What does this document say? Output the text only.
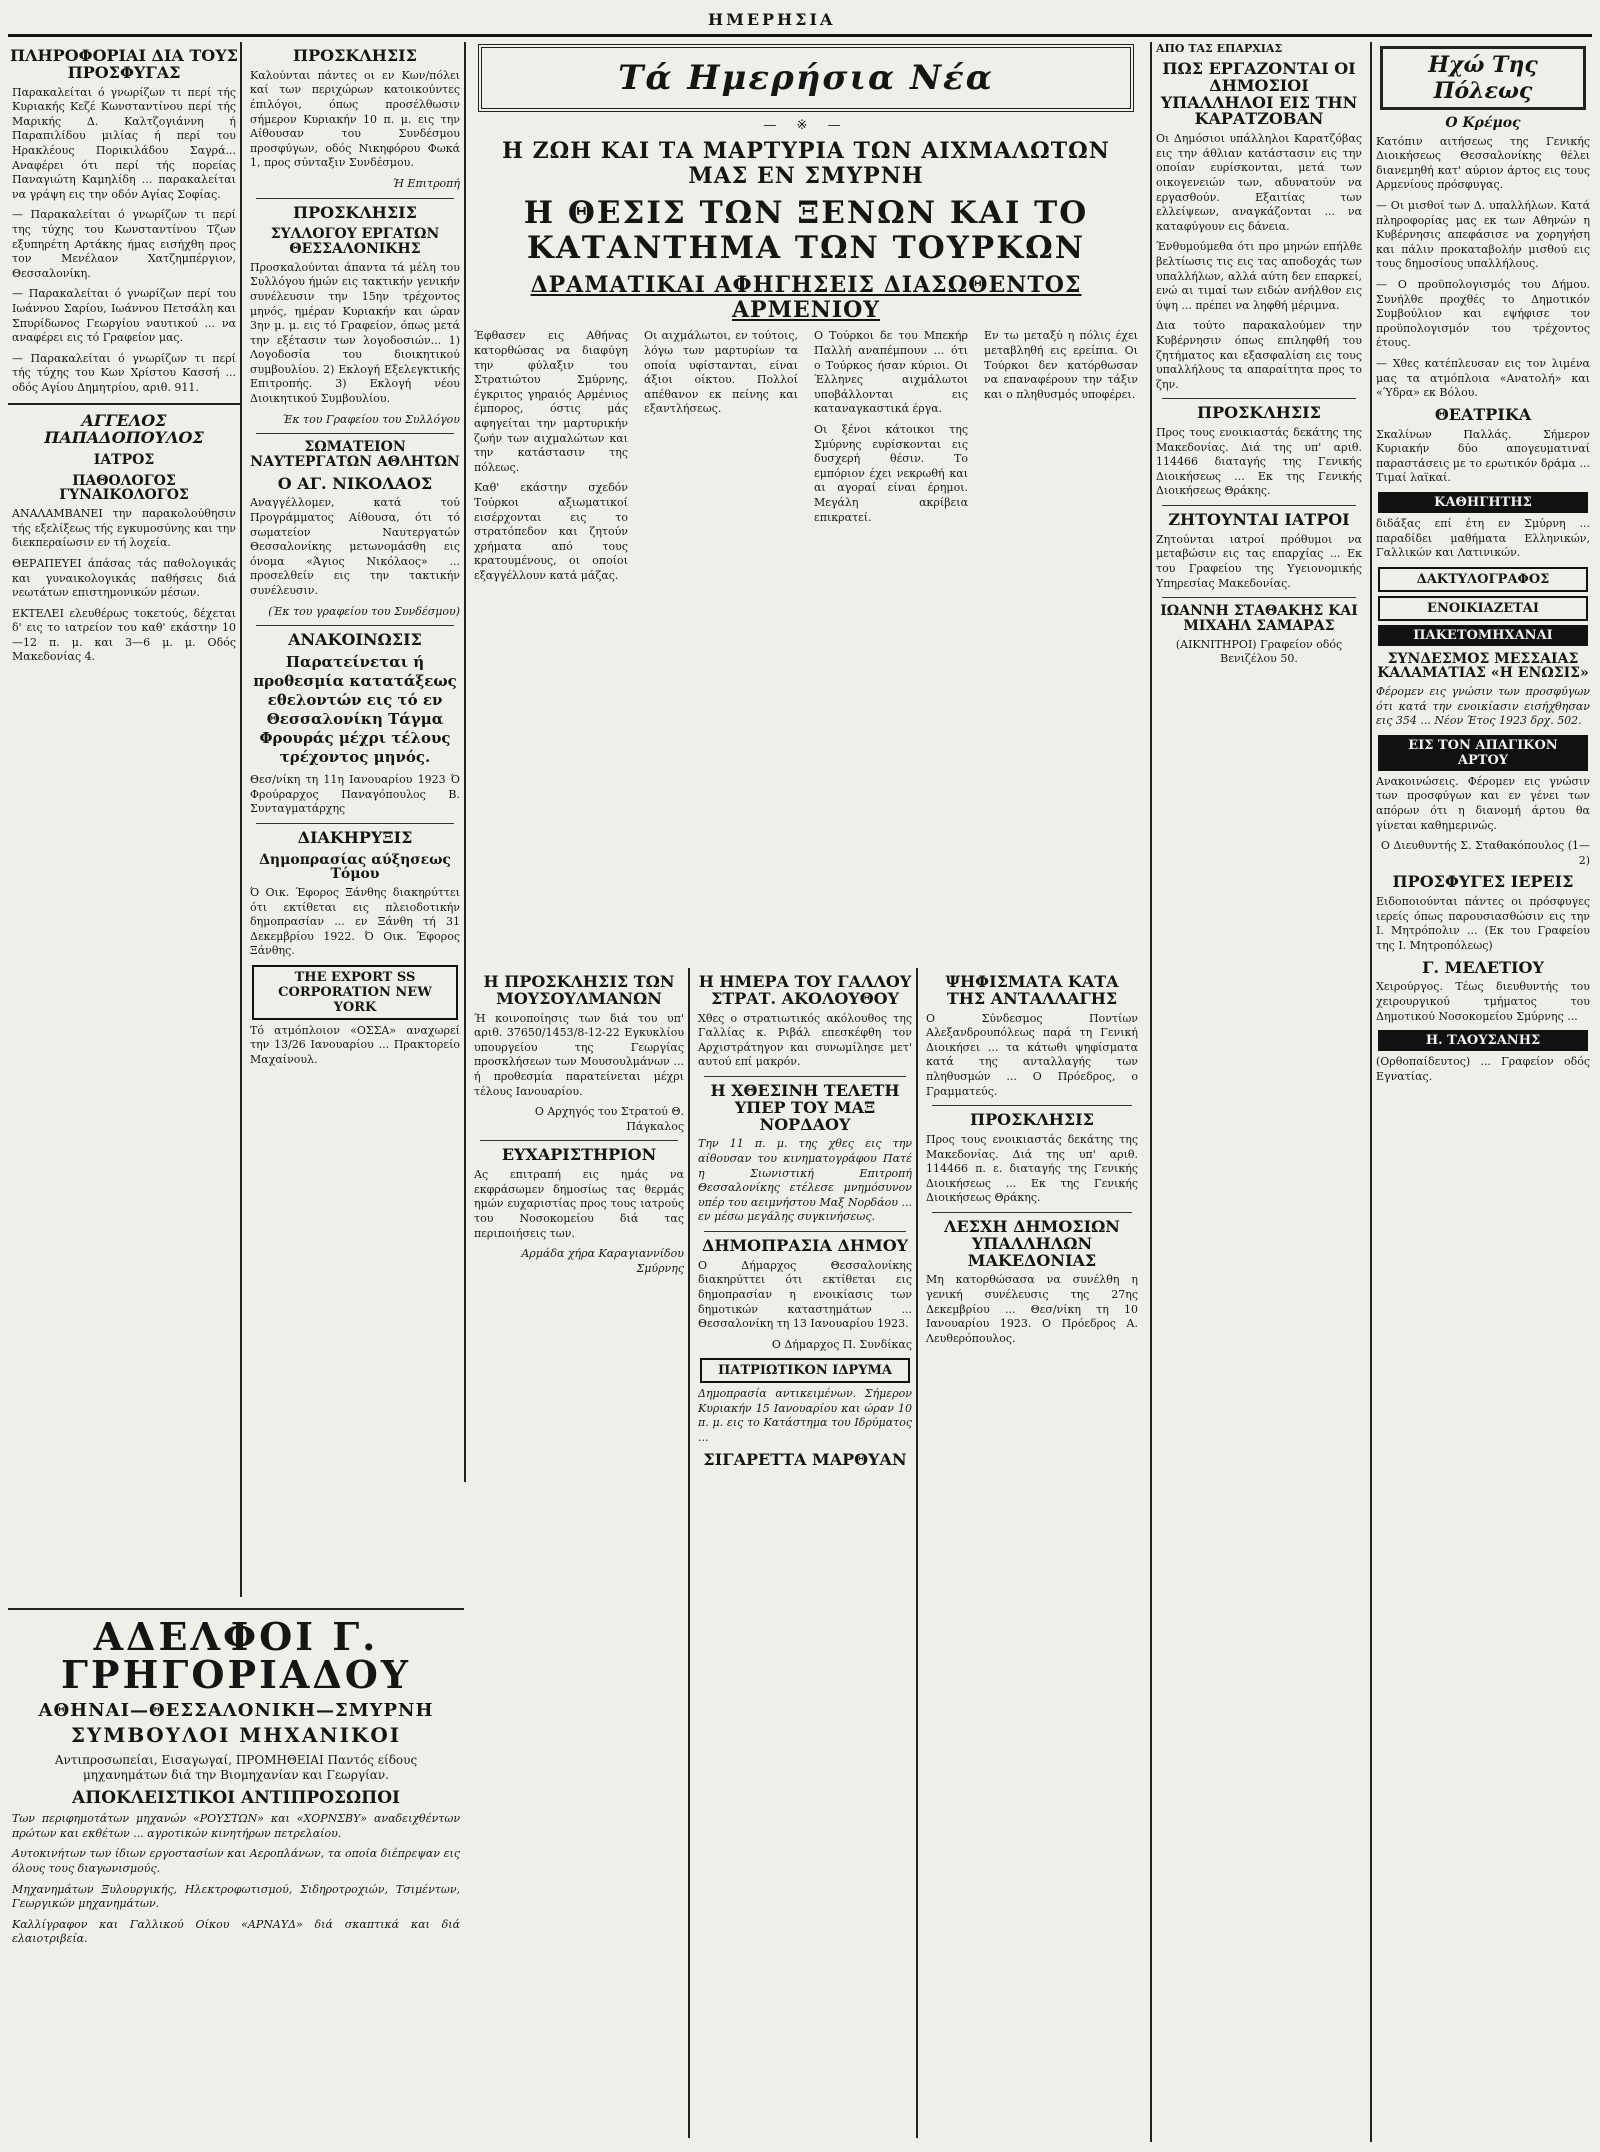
ΗΜΕΡΗΣΙΑ
ΠΛΗΡΟΦΟΡΙΑΙ ΔΙΑ ΤΟΥΣ ΠΡΟΣΦΥΓΑΣ

Παρακαλείται ό γνωρίζων τι περί τής Κυριακής Κεζέ Κωνσταντίνου περί τής Μαρικής Δ. Καλτζογιάννη ή Παραπιλίδου μιλίας ή περί του Ηρακλέους Πορικιλάδου Σαγρά... Αναφέρει ότι περί τής πορείας Παναγιώτη Καμηλίδη ... παρακαλείται να γράψη εις την οδόν Αγίας Σοφίας.

— Παρακαλείται ό γνωρίζων τι περί της τύχης του Κωνσταντίνου Τζων εξυπηρέτη Αρτάκης ήμας εισήχθη προς τον Μενέλαον Χατζημπέργιον, Θεσσαλονίκη.

— Παρακαλείται ό γνωρίζων περί του Ιωάννου Σαρίου, Ιωάννου Πετσάλη και Σπυρίδωνος Γεωργίου ναυτικού ... να αναφέρει εις τό Γραφείον μας.

— Παρακαλείται ό γνωρίζων τι περί τής τύχης του Κων Χρίστου Κασσή ... οδός Αγίου Δημητρίου, αριθ. 911.

ΑΓΓΕΛΟΣ ΠΑΠΑΔΟΠΟΥΛΟΣ
ΙΑΤΡΟΣ
ΠΑΘΟΛΟΓΟΣ ΓΥΝΑΙΚΟΛΟΓΟΣ

ΑΝΑΛΑΜΒΑΝΕΙ την παρακολούθησιν τής εξελίξεως τής εγκυμοσύνης και την διεκπεραίωσιν εν τή λοχεία.

ΘΕΡΑΠΕΥΕΙ άπάσας τάς παθολογικάς και γυναικολογικάς παθήσεις διά νεωτάτων επιστημονικών μέσων.

ΕΚΤΕΛΕΙ ελευθέρως τοκετούς, δέχεται δ' εις το ιατρείον του καθ' εκάστην 10—12 π. μ. και 3—6 μ. μ. Οδός Μακεδονίας 4.

ΠΡΟΣΚΛΗΣΙΣ

Καλούνται πάντες οι εν Κων/πόλει καί των περιχώρων κατοικούντες έπιλόγοι, όπως προσέλθωσιν σήμερον Κυριακήν 10 π. μ. εις την Αίθουσαν του Συνδέσμου προσφύγων, οδός Νικηφόρου Φωκά 1, προς σύνταξιν Συνδέσμου.

Ή Επιτροπή

ΠΡΟΣΚΛΗΣΙΣ
ΣΥΛΛΟΓΟΥ ΕΡΓΑΤΩΝ ΘΕΣΣΑΛΟΝΙΚΗΣ

Προσκαλούνται άπαντα τά μέλη του Συλλόγου ήμών εις τακτικήν γενικήν συνέλευσιν την 15ην τρέχοντος μηνός, ημέραν Κυριακήν και ώραν 3ην μ. μ. εις τό Γραφείον, όπως μετά την εξέτασιν των λογοδοσιών... 1) Λογοδοσία του διοικητικού συμβουλίου. 2) Εκλογή Εξελεγκτικής Επιτροπής. 3) Εκλογή νέου Διοικητικού Συμβουλίου.

Έκ του Γραφείου του Συλλόγου

ΣΩΜΑΤΕΙΟΝ ΝΑΥΤΕΡΓΑΤΩΝ ΑΘΛΗΤΩΝ
Ο ΑΓ. ΝΙΚΟΛΑΟΣ

Αναγγέλλομεν, κατά τού Προγράμματος Αίθουσα, ότι τό σωματείον Ναυτεργατών Θεσσαλονίκης μετωνομάσθη εις όνομα «Άγιος Νικόλαος» ... προσελθείν εις την τακτικήν συνέλευσιν.

(Έκ του γραφείου του Συνδέσμου)

ΑΝΑΚΟΙΝΩΣΙΣ

Παρατείνεται ή προθεσμία κατατάξεως εθελοντών εις τό εν Θεσσαλονίκη Τάγμα Φρουράς μέχρι τέλους τρέχοντος μηνός.

Θεσ/νίκη τη 11η Ιανουαρίου 1923 Ό Φρούραρχος Παναγόπουλος Β. Συνταγματάρχης

ΔΙΑΚΗΡΥΞΙΣ
Δημοπρασίας αύξησεως Τόμου

Ό Οικ. Έφορος Ξάνθης διακηρύττει ότι εκτίθεται εις πλειοδοτικήν δημοπρασίαν ... εν Ξάνθη τή 31 Δεκεμβρίου 1922. Ό Οικ. Έφορος Ξάνθης.

THE EXPORT SS CORPORATION NEW YORK

Τό ατμόπλοιον «ΟΣΣΑ» αναχωρεί την 13/26 Ιανουαρίου ... Πρακτορείο Μαχαίνουλ.

Τά Ημερήσια Νέα
— ※ —
Η ΖΩΗ ΚΑΙ ΤΑ ΜΑΡΤΥΡΙΑ ΤΩΝ ΑΙΧΜΑΛΩΤΩΝ ΜΑΣ ΕΝ ΣΜΥΡΝΗ
Η ΘΕΣΙΣ ΤΩΝ ΞΕΝΩΝ ΚΑΙ ΤΟ ΚΑΤΑΝΤΗΜΑ ΤΩΝ ΤΟΥΡΚΩΝ
ΔΡΑΜΑΤΙΚΑΙ ΑΦΗΓΗΣΕΙΣ ΔΙΑΣΩΘΕΝΤΟΣ ΑΡΜΕΝΙΟΥ

Έφθασεν εις Αθήνας κατορθώσας να διαφύγη την φύλαξιν του Στρατιώτου Σμύρνης, έγκριτος γηραιός Αρμένιος έμπορος, όστις μάς αφηγείται την μαρτυρικήν ζωήν των αιχμαλώτων και την κατάστασιν της πόλεως.

Καθ' εκάστην σχεδόν Τούρκοι αξιωματικοί εισέρχονται εις το στρατόπεδον και ζητούν χρήματα από τους κρατουμένους, οι οποίοι εξαγγέλλουν κατά μάζας.

Οι αιχμάλωτοι, εν τούτοις, λόγω των μαρτυρίων τα οποία υφίστανται, είναι άξιοι οίκτου. Πολλοί απέθανον εκ πείνης και εξαντλήσεως.

Ο Τούρκοι δε του Μπεκήρ Παλλή αναπέμπουν ... ότι ο Τούρκος ήσαν κύριοι. Οι Έλληνες αιχμάλωτοι υποβάλλονται εις καταναγκαστικά έργα.

Οι ξένοι κάτοικοι της Σμύρνης ευρίσκονται εις δυσχερή θέσιν. Το εμπόριον έχει νεκρωθή και αι αγοραί είναι έρημοι. Μεγάλη ακρίβεια επικρατεί.

Εν τω μεταξύ η πόλις έχει μεταβληθή εις ερείπια. Οι Τούρκοι δεν κατόρθωσαν να επαναφέρουν την τάξιν και ο πληθυσμός υποφέρει.

Η ΠΡΟΣΚΛΗΣΙΣ ΤΩΝ ΜΟΥΣΟΥΛΜΑΝΩΝ

Ή κοινοποίησις των διά του υπ' αριθ. 37650/1453/8-12-22 Εγκυκλίου υπουργείου της Γεωργίας προσκλήσεων των Μουσουλμάνων ... ή προθεσμία παρατείνεται μέχρι τέλους Ιανουαρίου.

Ο Αρχηγός του Στρατού Θ. Πάγκαλος

ΕΥΧΑΡΙΣΤΗΡΙΟΝ

Ας επιτραπή εις ημάς να εκφράσωμεν δημοσίως τας θερμάς ημών ευχαριστίας προς τους ιατρούς του Νοσοκομείου διά τας περιποιήσεις των.

Αρμάδα χήρα Καραγιαννίδου Σμύρνης

Η ΗΜΕΡΑ ΤΟΥ ΓΑΛΛΟΥ ΣΤΡΑΤ. ΑΚΟΛΟΥΘΟΥ

Χθες ο στρατιωτικός ακόλουθος της Γαλλίας κ. Ριβάλ επεσκέφθη τον Αρχιστράτηγον και συνωμίλησε μετ' αυτού επί μακρόν.

Η ΧΘΕΣΙΝΗ ΤΕΛΕΤΗ ΥΠΕΡ ΤΟΥ ΜΑΞ ΝΟΡΔΑΟΥ

Την 11 π. μ. της χθες εις την αίθουσαν του κινηματογράφου Πατέ η Σιωνιστική Επιτροπή Θεσσαλονίκης ετέλεσε μνημόσυνον υπέρ του αειμνήστου Μαξ Νορδάου ... εν μέσω μεγάλης συγκινήσεως.

ΔΗΜΟΠΡΑΣΙΑ ΔΗΜΟΥ

Ο Δήμαρχος Θεσσαλονίκης διακηρύττει ότι εκτίθεται εις δημοπρασίαν η ενοικίασις των δημοτικών καταστημάτων ... Θεσσαλονίκη τη 13 Ιανουαρίου 1923.

Ο Δήμαρχος Π. Συνδίκας

ΠΑΤΡΙΩΤΙΚΟΝ ΙΔΡΥΜΑ

Δημοπρασία αντικειμένων. Σήμερον Κυριακήν 15 Ιανουαρίου και ώραν 10 π. μ. εις το Κατάστημα του Ιδρύματος ...

ΣΙΓΑΡΕΤΤΑ ΜΑΡΘΥΑΝ
ΨΗΦΙΣΜΑΤΑ ΚΑΤΑ ΤΗΣ ΑΝΤΑΛΛΑΓΗΣ

Ο Σύνδεσμος Ποντίων Αλεξανδρουπόλεως παρά τη Γενική Διοικήσει ... τα κάτωθι ψηφίσματα κατά της ανταλλαγής των πληθυσμών ... Ο Πρόεδρος, ο Γραμματεύς.

ΠΡΟΣΚΛΗΣΙΣ

Προς τους ενοικιαστάς δεκάτης της Μακεδονίας. Διά της υπ' αριθ. 114466 π. ε. διαταγής της Γενικής Διοικήσεως ... Εκ της Γενικής Διοικήσεως Θράκης.

ΛΕΣΧΗ ΔΗΜΟΣΙΩΝ ΥΠΑΛΛΗΛΩΝ ΜΑΚΕΔΟΝΙΑΣ

Μη κατορθώσασα να συνέλθη η γενική συνέλευσις της 27ης Δεκεμβρίου ... Θεσ/νίκη τη 10 Ιανουαρίου 1923. Ο Πρόεδρος Α. Λευθερόπουλος.

ΑΔΕΛΦΟΙ Γ. ΓΡΗΓΟΡΙΑΔΟΥ
ΑΘΗΝΑΙ—ΘΕΣΣΑΛΟΝΙΚΗ—ΣΜΥΡΝΗ
ΣΥΜΒΟΥΛΟΙ ΜΗΧΑΝΙΚΟΙ

Αντιπροσωπείαι, Εισαγωγαί, ΠΡΟΜΗΘΕΙΑΙ Παντός είδους μηχανημάτων διά την Βιομηχανίαν και Γεωργίαν.

ΑΠΟΚΛΕΙΣΤΙΚΟΙ ΑΝΤΙΠΡΟΣΩΠΟΙ

Των περιφημοτάτων μηχανών «ΡΟΥΣΤΩΝ» και «ΧΟΡΝΣΒΥ» αναδειχθέντων πρώτων και εκθέτων ... αγροτικών κινητήρων πετρελαίου.

Αυτοκινήτων των ίδιων εργοστασίων και Αεροπλάνων, τα οποία διέπρεψαν εις όλους τους διαγωνισμούς.

Μηχανημάτων Ξυλουργικής, Ηλεκτροφωτισμού, Σιδηροτροχιών, Τσιμέντων, Γεωργικών μηχανημάτων.

Καλλίγραφον και Γαλλικού Οίκου «ΑΡΝΑΥΔ» διά σκαπτικά και διά ελαιοτριβεία.

ΑΠΟ ΤΑΣ ΕΠΑΡΧΙΑΣ
ΠΩΣ ΕΡΓΑΖΟΝΤΑΙ ΟΙ ΔΗΜΟΣΙΟΙ ΥΠΑΛΛΗΛΟΙ ΕΙΣ ΤΗΝ ΚΑΡΑΤΖΟΒΑΝ

Οι Δημόσιοι υπάλληλοι Καρατζόβας εις την άθλιαν κατάστασιν εις την οποίαν ευρίσκονται, μετά των οικογενειών των, αδυνατούν να εργασθούν. Εξαιτίας των ελλείψεων, αναγκάζονται ... να καταφύγουν εις δάνεια.

Ένθυμούμεθα ότι προ μηνών επήλθε βελτίωσις τις εις τας αποδοχάς των υπαλλήλων, αλλά αύτη δεν επαρκεί, ενώ αι τιμαί των ειδών ανήλθον εις ύψη ... πρέπει να ληφθή μέριμνα.

Δια τούτο παρακαλούμεν την Κυβέρνησιν όπως επιληφθή του ζητήματος και εξασφαλίση εις τους υπαλλήλους τα απαραίτητα προς το ζην.

ΠΡΟΣΚΛΗΣΙΣ

Προς τους ενοικιαστάς δεκάτης της Μακεδονίας. Διά της υπ' αριθ. 114466 διαταγής της Γενικής Διοικήσεως ... Εκ της Γενικής Διοικήσεως Θράκης.

ΖΗΤΟΥΝΤΑΙ ΙΑΤΡΟΙ

Ζητούνται ιατροί πρόθυμοι να μεταβώσιν εις τας επαρχίας ... Εκ του Γραφείου της Υγειονομικής Υπηρεσίας Μακεδονίας.

ΙΩΑΝΝΗ ΣΤΑΘΑΚΗΣ ΚΑΙ ΜΙΧΑΗΛ ΣΑΜΑΡΑΣ

(ΑΙΚΝΙΤΗΡΟΙ) Γραφείον οδός Βενιζέλου 50.

Ηχώ Της Πόλεως
Ο Κρέμος

Κατόπιν αιτήσεως της Γενικής Διοικήσεως Θεσσαλονίκης θέλει διανεμηθή κατ' αύριον άρτος εις τους Αρμενίους πρόσφυγας.

— Οι μισθοί των Δ. υπαλλήλων. Κατά πληροφορίας μας εκ των Αθηνών η Κυβέρνησις απεφάσισε να χορηγήση και πάλιν προκαταβολήν μισθού εις τους δημοσίους υπαλλήλους.

— Ο προϋπολογισμός του Δήμου. Συνήλθε προχθές το Δημοτικόν Συμβούλιον και εψήφισε τον προϋπολογισμόν του τρέχοντος έτους.

— Χθες κατέπλευσαν εις τον λιμένα μας τα ατμόπλοια «Ανατολή» και «Ύδρα» εκ Βόλου.

ΘΕΑΤΡΙΚΑ

Σκαλίνων Παλλάς. Σήμερον Κυριακήν δύο απογευματιναί παραστάσεις με το ερωτικόν δράμα ... Τιμαί λαϊκαί.

ΚΑΘΗΓΗΤΗΣ

διδάξας επί έτη εν Σμύρνη ... παραδίδει μαθήματα Ελληνικών, Γαλλικών και Λατινικών.

ΔΑΚΤΥΛΟΓΡΑΦΟΣ
ΕΝΟΙΚΙΑΖΕΤΑΙ
ΠΑΚΕΤΟΜΗΧΑΝΑΙ
ΣΥΝΔΕΣΜΟΣ ΜΕΣΣΑΙΑΣ ΚΑΛΑΜΑΤΙΑΣ «Η ΕΝΩΣΙΣ»

Φέρομεν εις γνώσιν των προσφύγων ότι κατά την ενοικίασιν εισήχθησαν εις 354 ... Νέον Έτος 1923 δρχ. 502.

ΕΙΣ ΤΟΝ ΑΠΑΓΙΚΟΝ ΑΡΤΟΥ

Ανακοινώσεις. Φέρομεν εις γνώσιν των προσφύγων και εν γένει των απόρων ότι η διανομή άρτου θα γίνεται καθημερινώς.

Ο Διευθυντής Σ. Σταθακόπουλος (1—2)

ΠΡΟΣΦΥΓΕΣ ΙΕΡΕΙΣ

Ειδοποιούνται πάντες οι πρόσφυγες ιερείς όπως παρουσιασθώσιν εις την Ι. Μητρόπολιν ... (Εκ του Γραφείου της Ι. Μητροπόλεως)

Γ. ΜΕΛΕΤΙΟΥ

Χειρούργος. Τέως διευθυντής του χειρουργικού τμήματος του Δημοτικού Νοσοκομείου Σμύρνης ...

Η. ΤΑΟΥΣΑΝΗΣ

(Ορθοπαίδευτος) ... Γραφείον οδός Εγνατίας.
